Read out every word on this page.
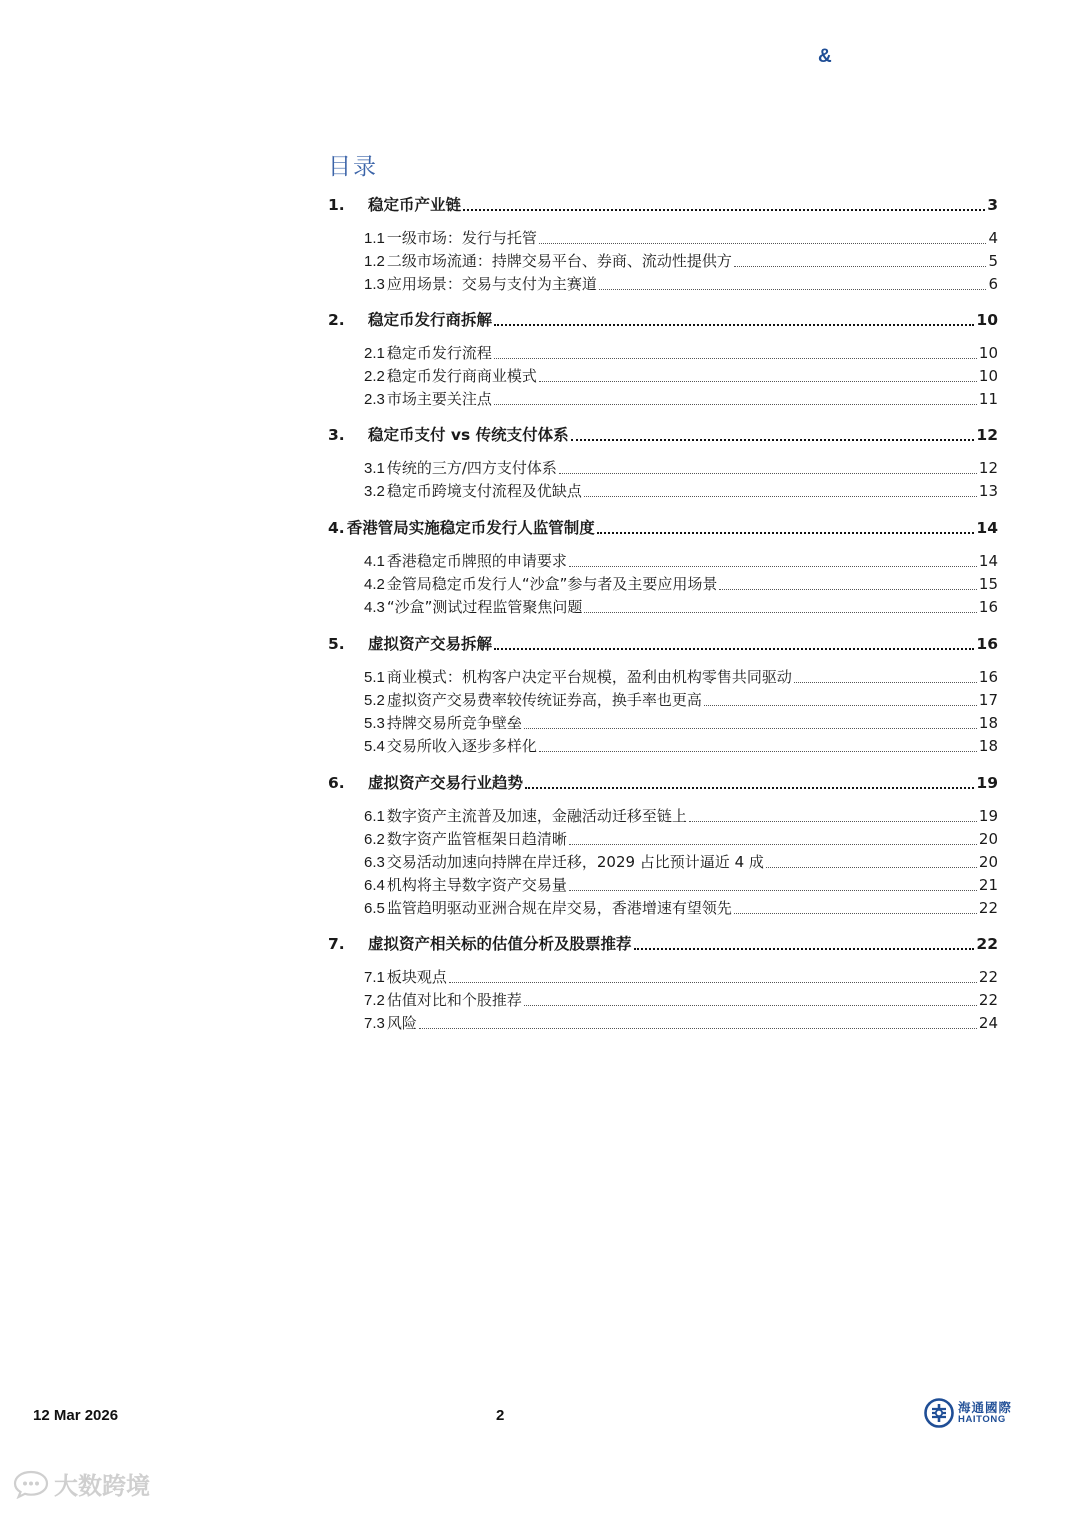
&
目录
1.	稳定币产业链	3
1.1 一级市场：发行与托管	4
1.2 二级市场流通：持牌交易平台、券商、流动性提供方	5
1.3 应用场景：交易与支付为主赛道	6
2.	稳定币发行商拆解	10
2.1 稳定币发行流程	10
2.2 稳定币发行商商业模式	10
2.3 市场主要关注点	11
3.	稳定币支付 vs 传统支付体系	12
3.1 传统的三方/四方支付体系	12
3.2 稳定币跨境支付流程及优缺点	13
4. 香港管局实施稳定币发行人监管制度	14
4.1 香港稳定币牌照的申请要求	14
4.2 金管局稳定币发行人“沙盒”参与者及主要应用场景	15
4.3 “沙盒”测试过程监管聚焦问题	16
5.	虚拟资产交易拆解	16
5.1 商业模式：机构客户决定平台规模，盈利由机构零售共同驱动	16
5.2 虚拟资产交易费率较传统证券高，换手率也更高	17
5.3 持牌交易所竞争壁垒	18
5.4 交易所收入逐步多样化	18
6.	虚拟资产交易行业趋势	19
6.1 数字资产主流普及加速，金融活动迁移至链上	19
6.2 数字资产监管框架日趋清晰	20
6.3 交易活动加速向持牌在岸迁移，2029 占比预计逼近 4 成	20
6.4 机构将主导数字资产交易量	21
6.5 监管趋明驱动亚洲合规在岸交易，香港增速有望领先	22
7.	虚拟资产相关标的估值分析及股票推荐	22
7.1 板块观点	22
7.2 估值对比和个股推荐	22
7.3 风险	24
12 Mar 2026	2	海通國際
HAITONG
大数跨境
